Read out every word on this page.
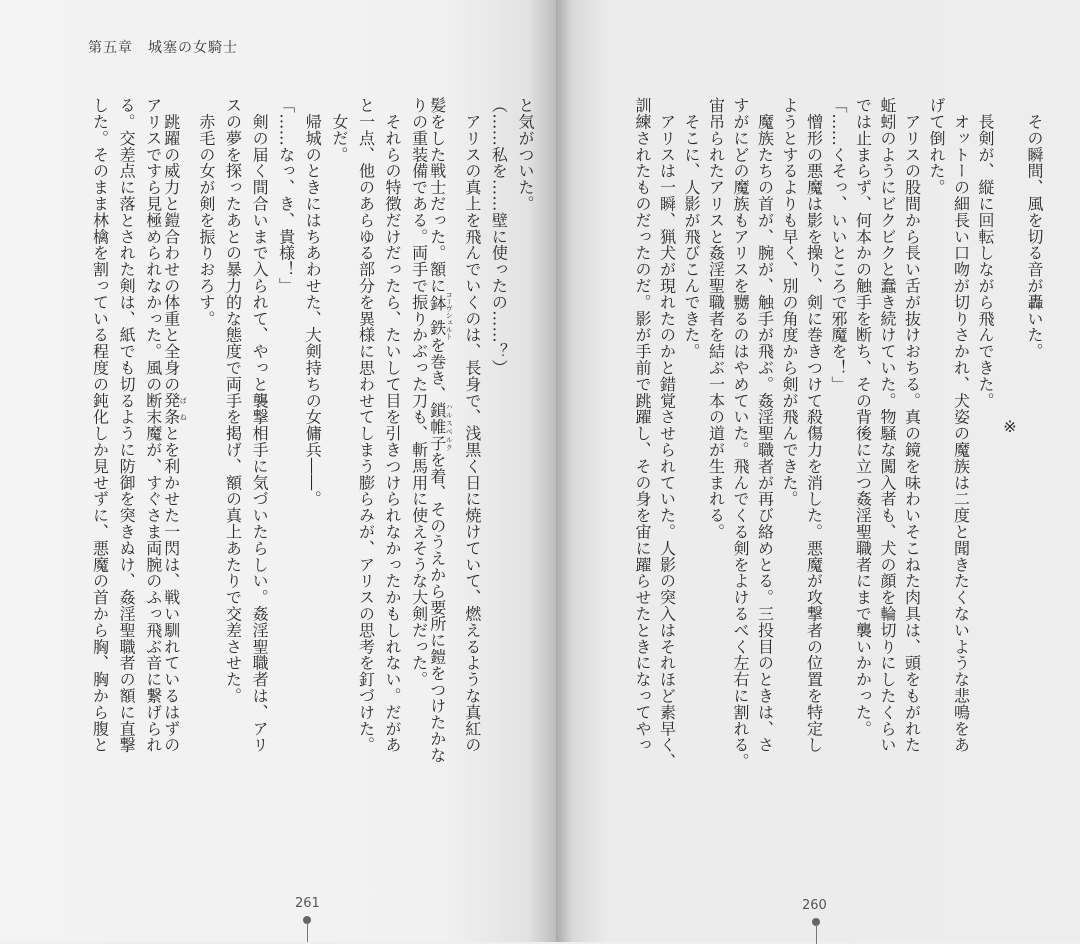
第五章　城塞の女騎士
261	260
と気がついた。
（……私を……壁に使ったの……？）
　アリスの真上を飛んでいくのは、長身で、浅黒く日に焼けていて、燃えるような真紅の
髪をした戦士だった。額に鉢鉄コーヴシェルトを巻き、鎖帷子ハルスベルクを着、そのうえから要所に鎧をつけたかな
りの重装備である。両手で振りかぶった刀も、斬馬用に使えそうな大剣だった。
　それらの特徴だけだったら、たいして目を引きつけられなかったかもしれない。だがあ
と一点、他のあらゆる部分を異様に思わせてしまう膨らみが、アリスの思考を釘づけた。
　女だ。
　帰城のときにはちあわせた、大剣持ちの女傭兵――。
「……なっ、き、貴様！」
　剣の届く間合いまで入られて、やっと襲撃相手に気づいたらしい。姦淫聖職者は、アリ
スの夢を探ったあとの暴力的な態度で両手を掲げ、額の真上あたりで交差させた。
　赤毛の女が剣を振りおろす。
　跳躍の威力と鎧合わせの体重と全身の発条ばねとを利かせた一閃は、戦い馴れているはずの
アリスですら見極められなかった。風の断末魔が、すぐさま両腕のふっ飛ぶ音に繋げられ
る。交差点に落とされた剣は、紙でも切るように防御を突きぬけ、姦淫聖職者の額に直撃
した。そのまま林檎を割っている程度の鈍化しか見せずに、悪魔の首から胸、胸から腹と	　その瞬間、風を切る音が轟いた。
※
　長剣が、縦に回転しながら飛んできた。
　オットーの細長い口吻が切りさかれ、犬姿の魔族は二度と聞きたくないような悲鳴をあ
げて倒れた。
　アリスの股間から長い舌が抜けおちる。真の鏡を味わいそこねた肉具は、頭をもがれた
蚯蚓のようにビクビクと蠢き続けていた。物騒な闖入者も、犬の顔を輪切りにしたくらい
では止まらず、何本かの触手を断ち、その背後に立つ姦淫聖職者にまで襲いかかった。
「……くそっ、いいところで邪魔を！」
　憎形の悪魔は影を操り、剣に巻きつけて殺傷力を消した。悪魔が攻撃者の位置を特定し
ようとするよりも早く、別の角度から剣が飛んできた。
　魔族たちの首が、腕が、触手が飛ぶ。姦淫聖職者が再び絡めとる。三投目のときは、さ
すがにどの魔族もアリスを嬲るのはやめていた。飛んでくる剣をよけるべく左右に割れる。
宙吊られたアリスと姦淫聖職者を結ぶ一本の道が生まれる。
　そこに、人影が飛びこんできた。
　アリスは一瞬、猟犬が現れたのかと錯覚させられていた。人影の突入はそれほど素早く、
訓練されたものだったのだ。影が手前で跳躍し、その身を宙に躍らせたときになってやっ
